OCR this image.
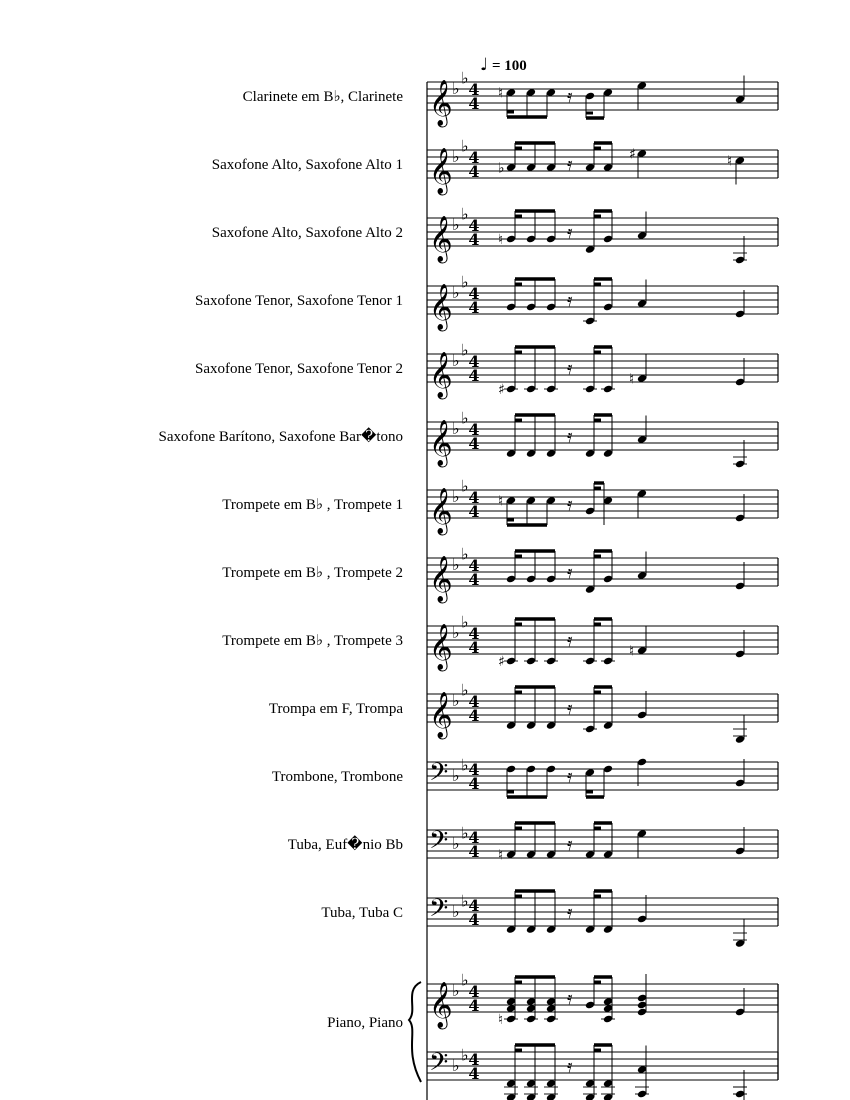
♩ = 100
Clarinete em B♭, Clarinete 𝄞 ♭
♭
4
4
♮	𝄿
Saxofone Alto, Saxofone Alto 1 𝄞 ♭
♭
4
4 ♭	𝄿	♯	♮
Saxofone Alto, Saxofone Alto 2 𝄞 ♭
♭
4
4 ♮	𝄿
Saxofone Tenor, Saxofone Tenor 1 𝄞 ♭
♭
4
4	𝄿
Saxofone Tenor, Saxofone Tenor 2 𝄞 ♭
♭
4
4
♯
𝄿
♮
Saxofone Barítono, Saxofone Bar�tono 𝄞 ♭
♭
4
4	𝄿
Trompete em B♭ , Trompete 1 𝄞 ♭
♭
4
4
♮	𝄿
Trompete em B♭ , Trompete 2 𝄞 ♭
♭
4
4	𝄿
Trompete em B♭ , Trompete 3 𝄞 ♭
♭
4
4
♯
𝄿
♮
Trompa em F, Trompa 𝄞 ♭
♭
4
4	𝄿
Trombone, Trombone 𝄢 ♭
♭ 4
4	𝄿
Tuba, Euf�nio Bb 𝄢 ♭
♭ 4
4 ♮
𝄿
Tuba, Tuba C 𝄢 ♭
♭ 4
4	𝄿
Piano, Piano 𝄞 ♭
♭
4
4
♮
𝄿
𝄢 ♭
♭ 4
4	𝄿
